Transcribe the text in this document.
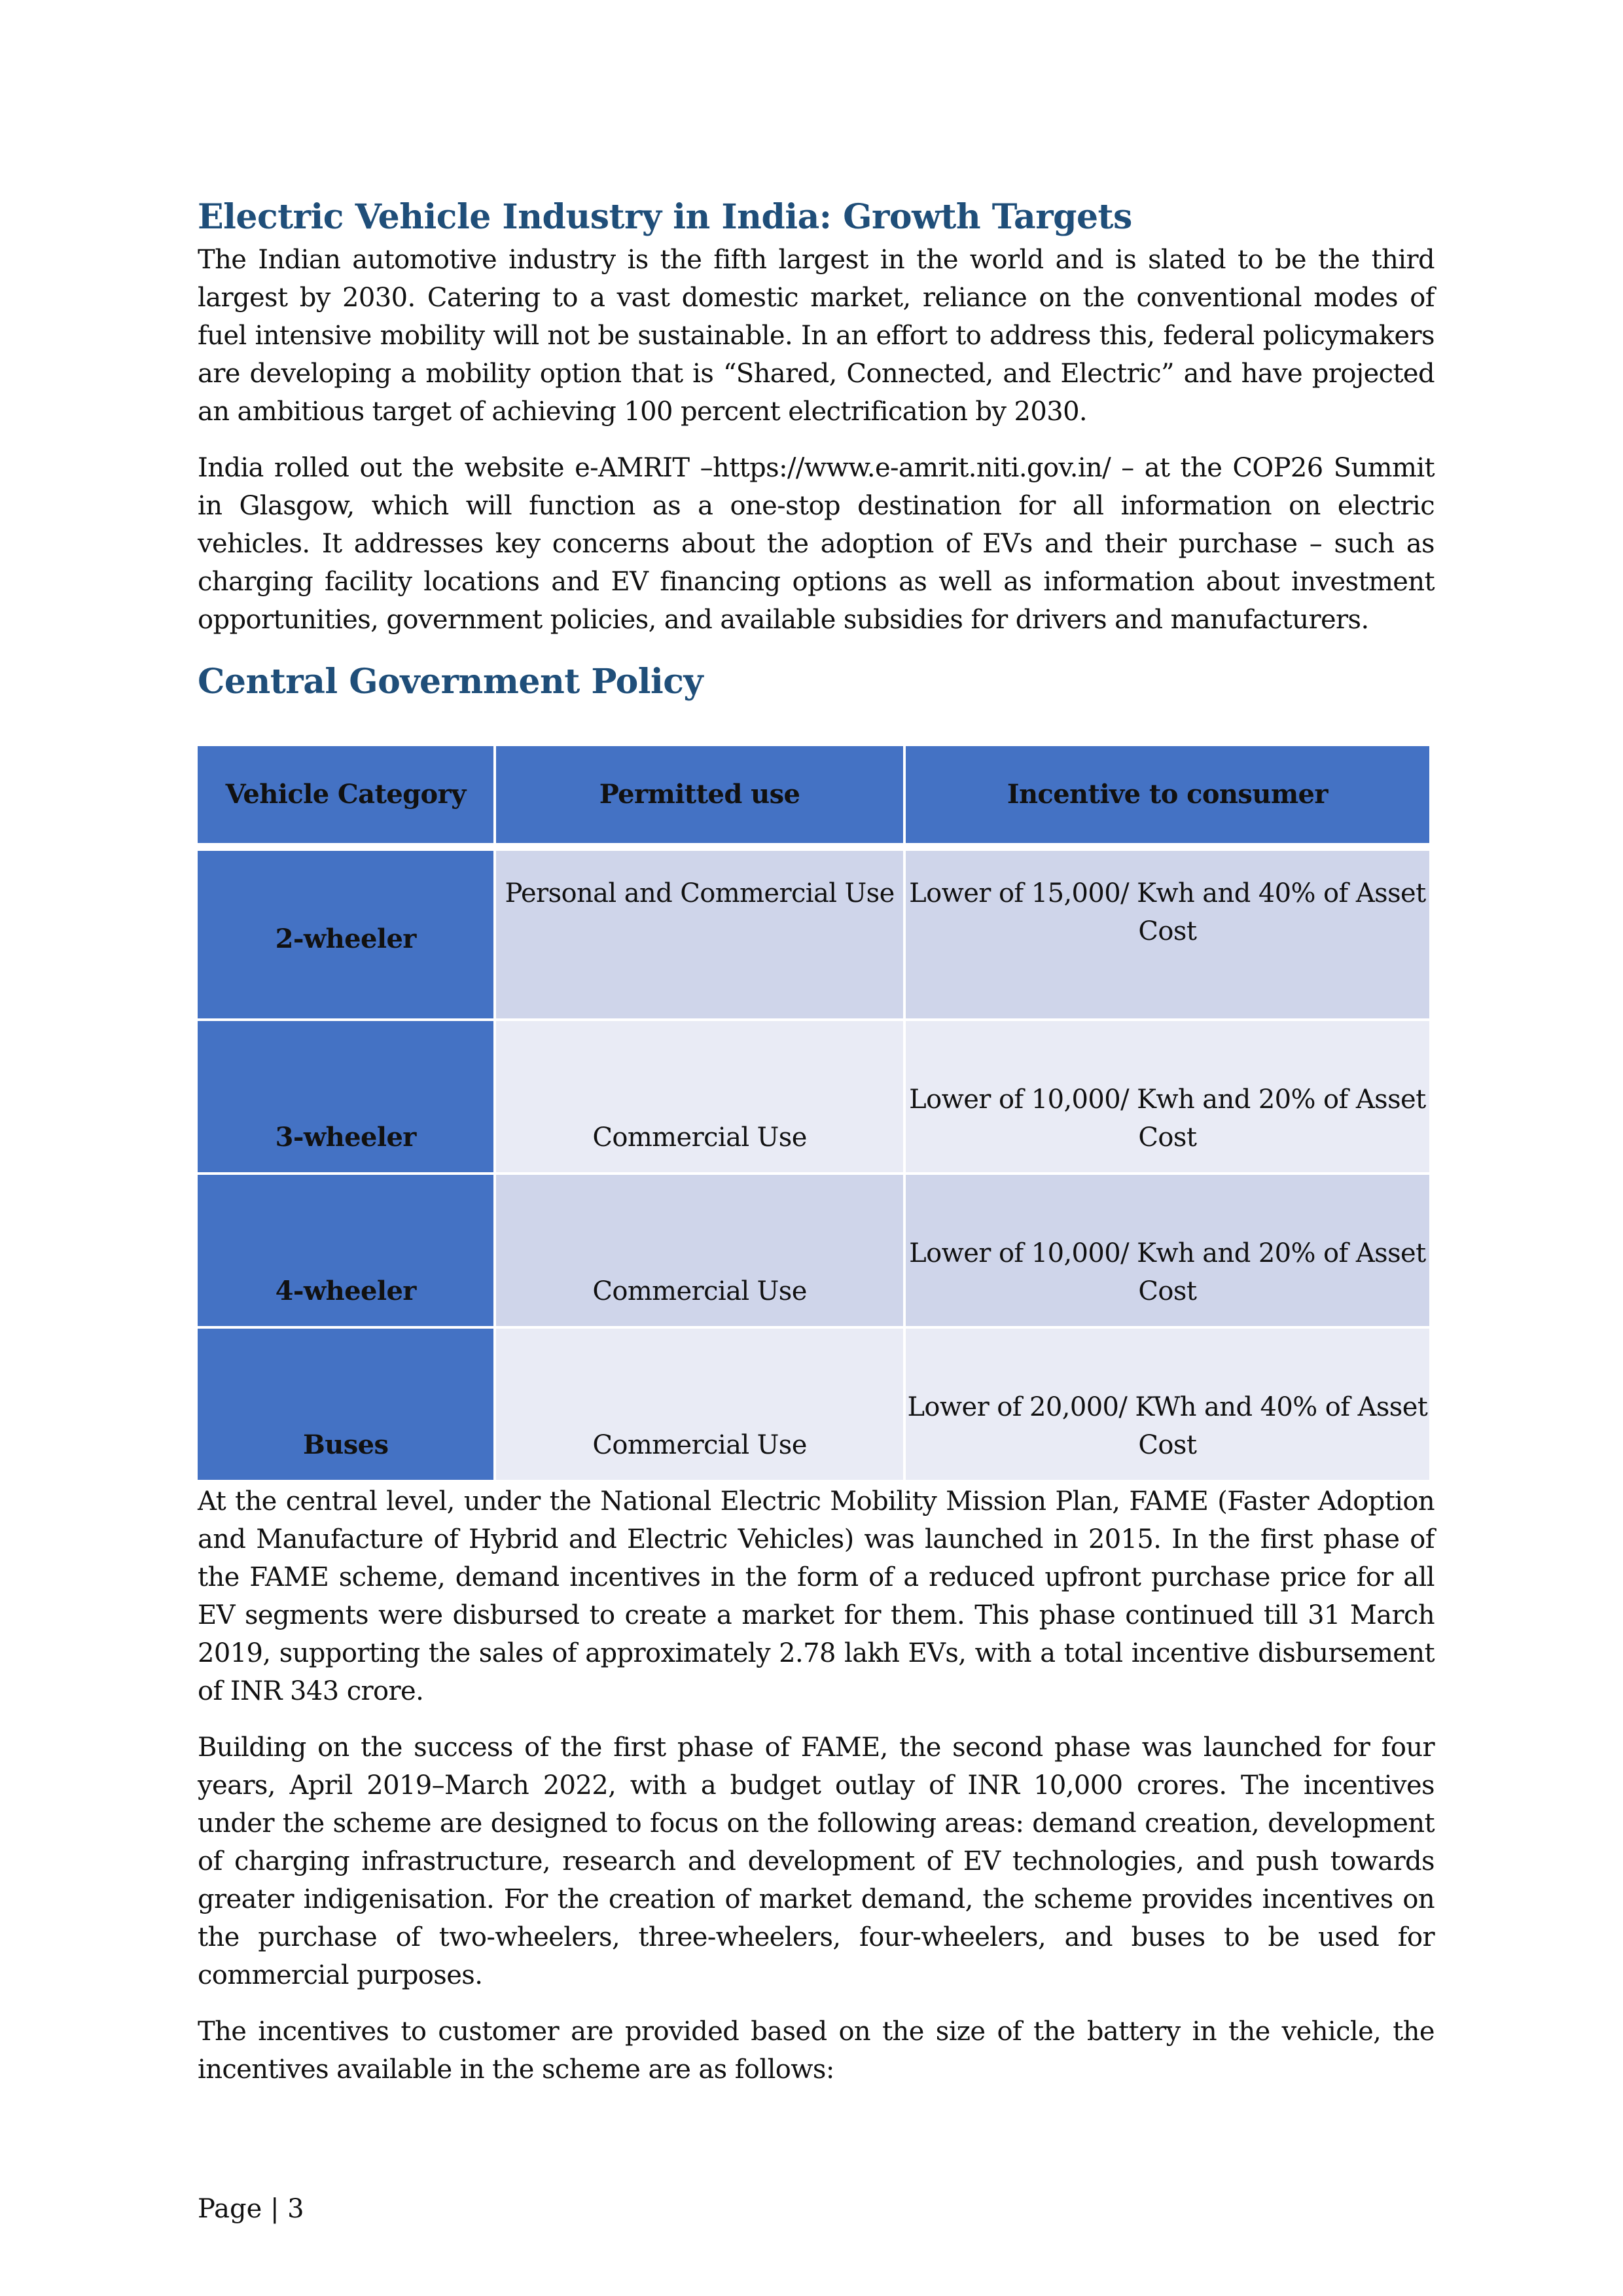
Electric Vehicle Industry in India: Growth Targets

The Indian automotive industry is the fifth largest in the world and is slated to be the third largest by 2030. Catering to a vast domestic market, reliance on the conventional modes of fuel intensive mobility will not be sustainable. In an effort to address this, federal policymakers are developing a mobility option that is “Shared, Connected, and Electric” and have projected an ambitious target of achieving 100 percent electrification by 2030.

India rolled out the website e-AMRIT –https://www.e-amrit.niti.gov.in/ – at the COP26 Summit in Glasgow, which will function as a one-stop destination for all information on electric vehicles. It addresses key concerns about the adoption of EVs and their purchase – such as charging facility locations and EV financing options as well as information about investment opportunities, government policies, and available subsidies for drivers and manufacturers.

Central Government Policy
Vehicle Category	Permitted use	Incentive to consumer

2-wheeler	Personal and Commercial Use	Lower of 15,000/ Kwh and 40% of Asset Cost
3-wheeler	Commercial Use	Lower of 10,000/ Kwh and 20% of Asset Cost
4-wheeler	Commercial Use	Lower of 10,000/ Kwh and 20% of Asset Cost
Buses	Commercial Use	Lower of 20,000/ KWh and 40% of Asset Cost

At the central level, under the National Electric Mobility Mission Plan, FAME (Faster Adoption and Manufacture of Hybrid and Electric Vehicles) was launched in 2015. In the first phase of the FAME scheme, demand incentives in the form of a reduced upfront purchase price for all EV segments were disbursed to create a market for them. This phase continued till 31 March 2019, supporting the sales of approximately 2.78 lakh EVs, with a total incentive disbursement of INR 343 crore.

Building on the success of the first phase of FAME, the second phase was launched for four years, April 2019–March 2022, with a budget outlay of INR 10,000 crores. The incentives under the scheme are designed to focus on the following areas: demand creation, development of charging infrastructure, research and development of EV technologies, and push towards greater indigenisation. For the creation of market demand, the scheme provides incentives on the purchase of two-wheelers, three-wheelers, four-wheelers, and buses to be used for commercial purposes.

The incentives to customer are provided based on the size of the battery in the vehicle, the incentives available in the scheme are as follows:

Page | 3
